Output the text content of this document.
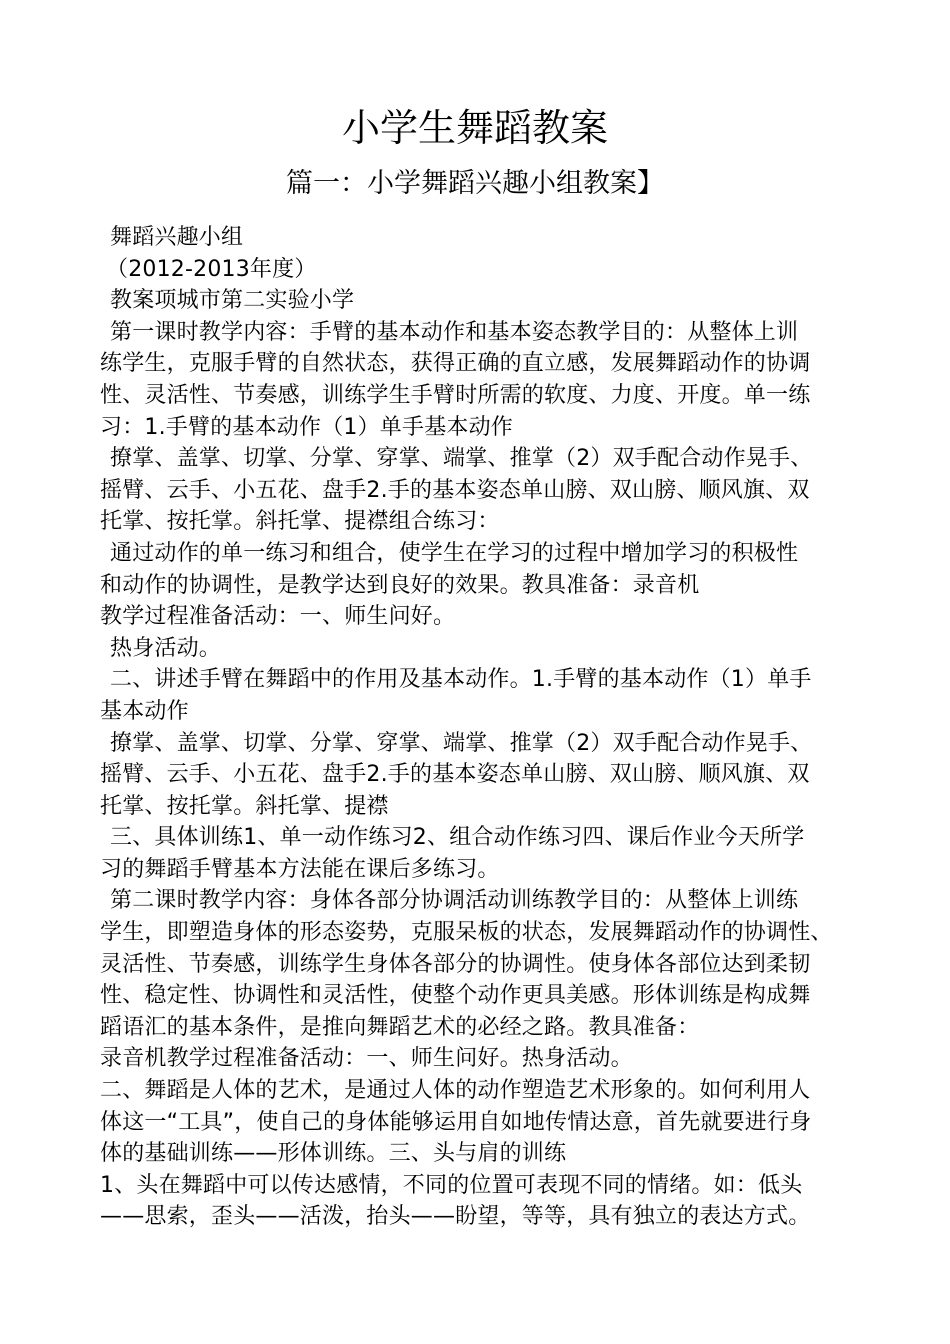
小学生舞蹈教案
篇一：小学舞蹈兴趣小组教案】
舞蹈兴趣小组
（2012-2013年度）
教案项城市第二实验小学
第一课时教学内容：手臂的基本动作和基本姿态教学目的：从整体上训
练学生，克服手臂的自然状态，获得正确的直立感，发展舞蹈动作的协调
性、灵活性、节奏感，训练学生手臂时所需的软度、力度、开度。单一练
习：1.手臂的基本动作（1）单手基本动作
撩掌、盖掌、切掌、分掌、穿掌、端掌、推掌（2）双手配合动作晃手、
摇臂、云手、小五花、盘手2.手的基本姿态单山膀、双山膀、顺风旗、双
托掌、按托掌。斜托掌、提襟组合练习：
通过动作的单一练习和组合，使学生在学习的过程中增加学习的积极性
和动作的协调性，是教学达到良好的效果。教具准备：录音机
教学过程准备活动：一、师生问好。
热身活动。
二、讲述手臂在舞蹈中的作用及基本动作。1.手臂的基本动作（1）单手
基本动作
撩掌、盖掌、切掌、分掌、穿掌、端掌、推掌（2）双手配合动作晃手、
摇臂、云手、小五花、盘手2.手的基本姿态单山膀、双山膀、顺风旗、双
托掌、按托掌。斜托掌、提襟
三、具体训练1、单一动作练习2、组合动作练习四、课后作业今天所学
习的舞蹈手臂基本方法能在课后多练习。
第二课时教学内容：身体各部分协调活动训练教学目的：从整体上训练
学生，即塑造身体的形态姿势，克服呆板的状态，发展舞蹈动作的协调性、
灵活性、节奏感，训练学生身体各部分的协调性。使身体各部位达到柔韧
性、稳定性、协调性和灵活性，使整个动作更具美感。形体训练是构成舞
蹈语汇的基本条件，是推向舞蹈艺术的必经之路。教具准备：
录音机教学过程准备活动：一、师生问好。热身活动。
二、舞蹈是人体的艺术，是通过人体的动作塑造艺术形象的。如何利用人
体这一“工具”，使自己的身体能够运用自如地传情达意，首先就要进行身
体的基础训练——形体训练。三、头与肩的训练
1、头在舞蹈中可以传达感情，不同的位置可表现不同的情绪。如：低头
——思索，歪头——活泼，抬头——盼望，等等，具有独立的表达方式。
